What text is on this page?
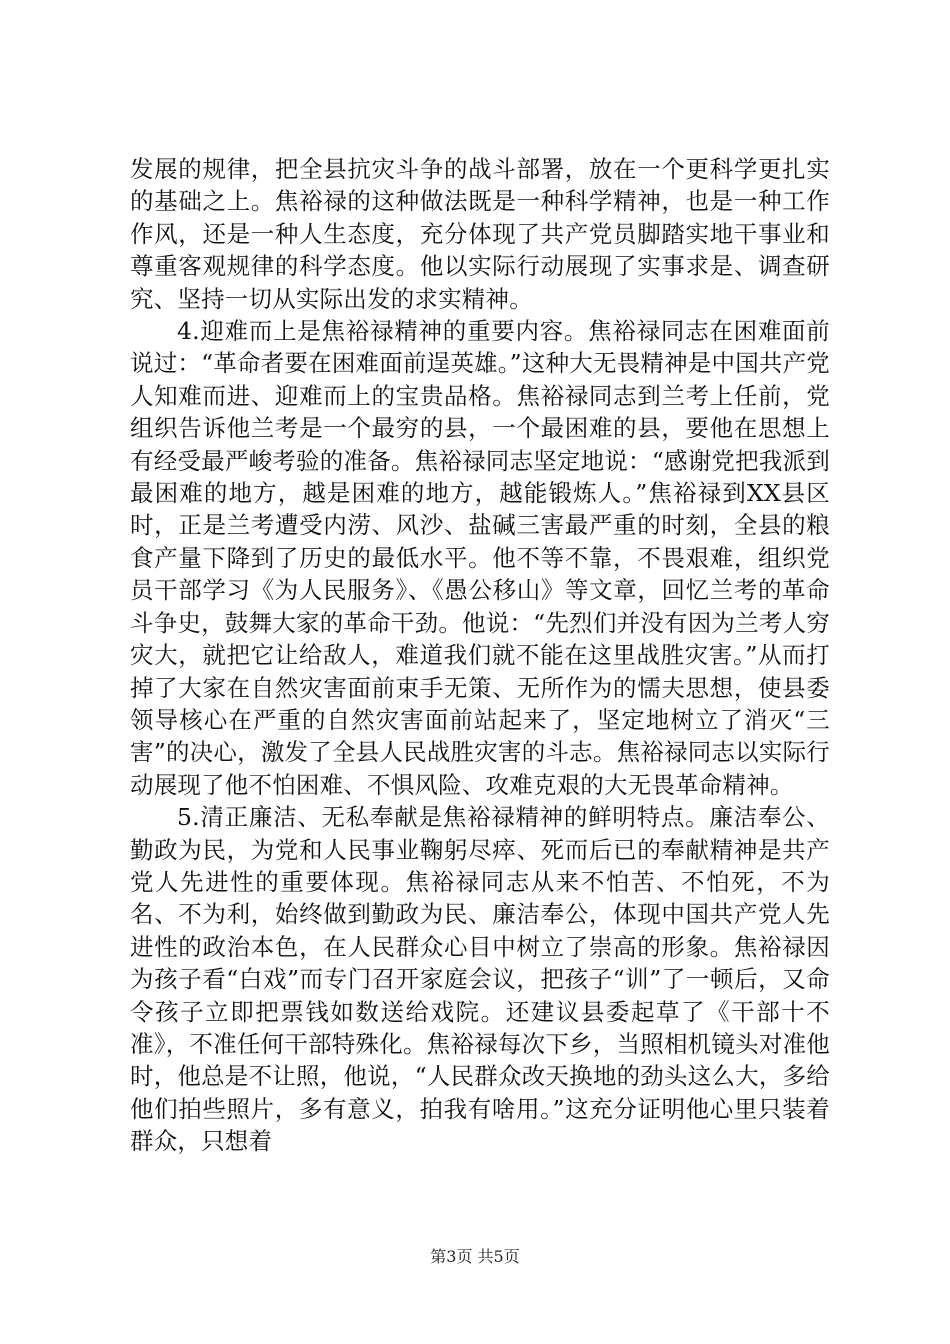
发展的规律，把全县抗灾斗争的战斗部署，放在一个更科学更扎实的基础之上。焦裕禄的这种做法既是一种科学精神，也是一种工作作风，还是一种人生态度，充分体现了共产党员脚踏实地干事业和尊重客观规律的科学态度。他以实际行动展现了实事求是、调查研究、坚持一切从实际出发的求实精神。

4.迎难而上是焦裕禄精神的重要内容。焦裕禄同志在困难面前说过：“革命者要在困难面前逞英雄。”这种大无畏精神是中国共产党人知难而进、迎难而上的宝贵品格。焦裕禄同志到兰考上任前，党组织告诉他兰考是一个最穷的县，一个最困难的县，要他在思想上有经受最严峻考验的准备。焦裕禄同志坚定地说：“感谢党把我派到最困难的地方，越是困难的地方，越能锻炼人。”焦裕禄到XX县区时，正是兰考遭受内涝、风沙、盐碱三害最严重的时刻，全县的粮食产量下降到了历史的最低水平。他不等不靠，不畏艰难，组织党员干部学习《为人民服务》、《愚公移山》等文章，回忆兰考的革命斗争史，鼓舞大家的革命干劲。他说：“先烈们并没有因为兰考人穷灾大，就把它让给敌人，难道我们就不能在这里战胜灾害。”从而打掉了大家在自然灾害面前束手无策、无所作为的懦夫思想，使县委领导核心在严重的自然灾害面前站起来了，坚定地树立了消灭“三害”的决心，激发了全县人民战胜灾害的斗志。焦裕禄同志以实际行动展现了他不怕困难、不惧风险、攻难克艰的大无畏革命精神。

5.清正廉洁、无私奉献是焦裕禄精神的鲜明特点。廉洁奉公、勤政为民，为党和人民事业鞠躬尽瘁、死而后已的奉献精神是共产党人先进性的重要体现。焦裕禄同志从来不怕苦、不怕死，不为名、不为利，始终做到勤政为民、廉洁奉公，体现中国共产党人先进性的政治本色，在人民群众心目中树立了崇高的形象。焦裕禄因为孩子看“白戏”而专门召开家庭会议，把孩子“训”了一顿后，又命令孩子立即把票钱如数送给戏院。还建议县委起草了《干部十不准》，不准任何干部特殊化。焦裕禄每次下乡，当照相机镜头对准他时，他总是不让照，他说，“人民群众改天换地的劲头这么大，多给他们拍些照片，多有意义，拍我有啥用。”这充分证明他心里只装着群众，只想着

第3页 共5页
